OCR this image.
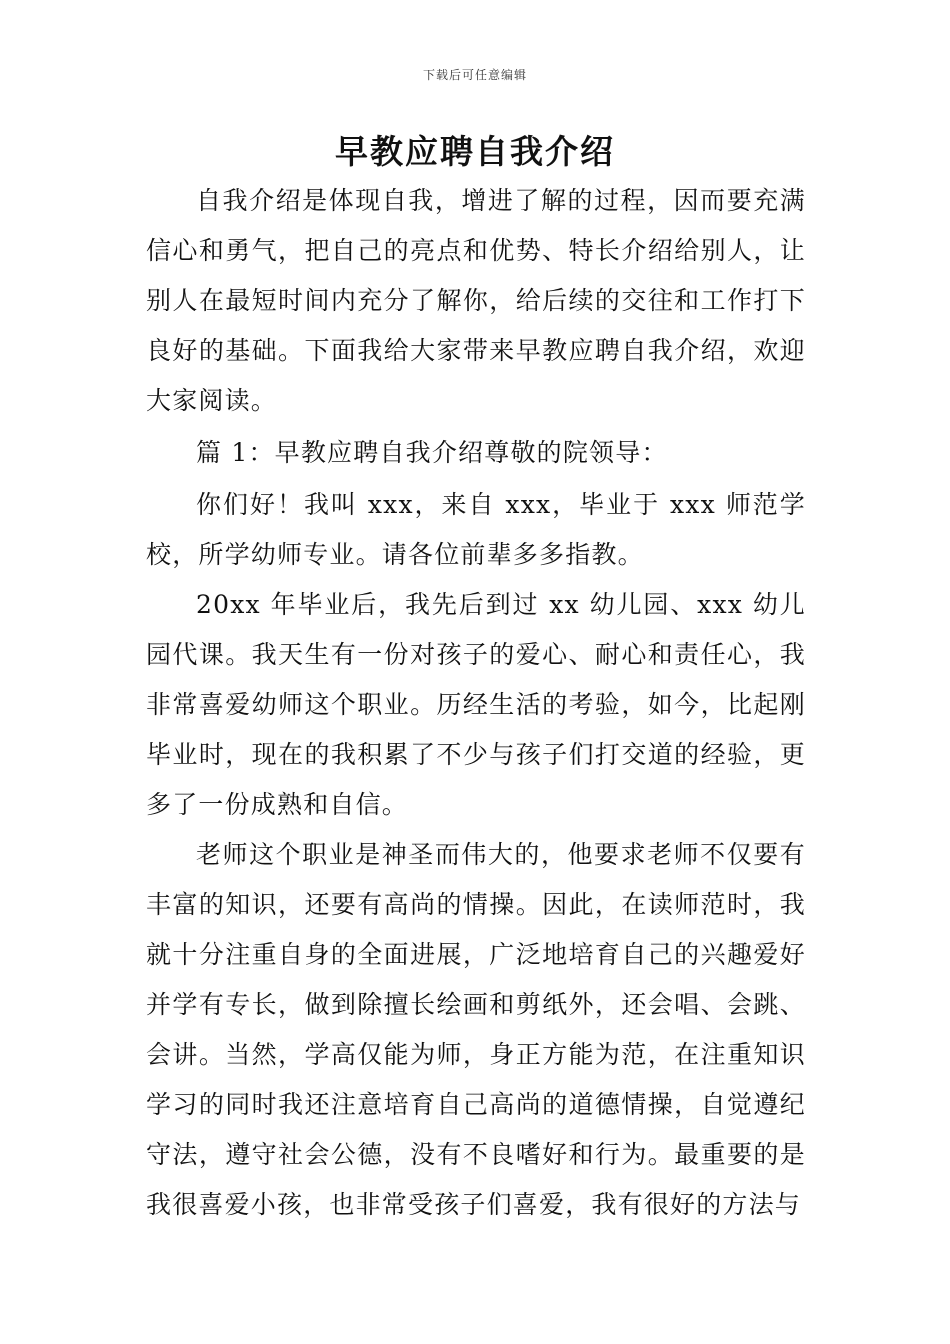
下载后可任意编辑
早教应聘自我介绍

自我介绍是体现自我，增进了解的过程，因而要充满信心和勇气，把自己的亮点和优势、特长介绍给别人，让别人在最短时间内充分了解你，给后续的交往和工作打下良好的基础。下面我给大家带来早教应聘自我介绍，欢迎大家阅读。

篇 1：早教应聘自我介绍尊敬的院领导：

你们好！我叫 xxx，来自 xxx，毕业于 xxx 师范学校，所学幼师专业。请各位前辈多多指教。

20xx 年毕业后，我先后到过 xx 幼儿园、xxx 幼儿园代课。我天生有一份对孩子的爱心、耐心和责任心，我非常喜爱幼师这个职业。历经生活的考验，如今，比起刚毕业时，现在的我积累了不少与孩子们打交道的经验，更多了一份成熟和自信。

老师这个职业是神圣而伟大的，他要求老师不仅要有丰富的知识，还要有高尚的情操。因此，在读师范时，我就十分注重自身的全面进展，广泛地培育自己的兴趣爱好并学有专长，做到除擅长绘画和剪纸外，还会唱、会跳、会讲。当然，学高仅能为师，身正方能为范，在注重知识学习的同时我还注意培育自己高尚的道德情操，自觉遵纪守法，遵守社会公德，没有不良嗜好和行为。最重要的是我很喜爱小孩，也非常受孩子们喜爱，我有很好的方法与
